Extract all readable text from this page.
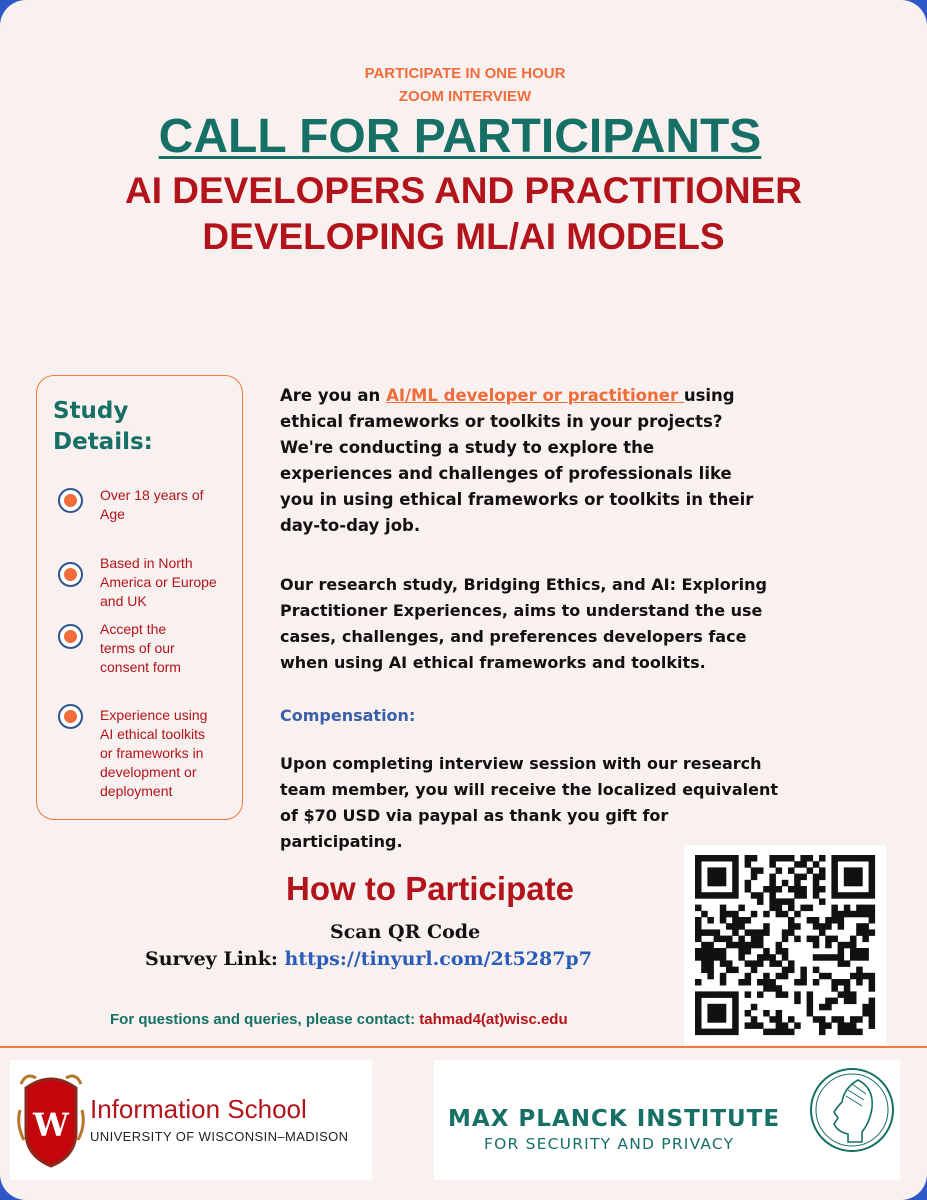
PARTICIPATE IN ONE HOUR
ZOOM INTERVIEW
CALL FOR PARTICIPANTS
AI DEVELOPERS AND PRACTITIONER
DEVELOPING ML/AI MODELS
Study
Details:
Over 18 years of
Age
Based in North
America or Europe
and UK
Accept the
terms of our
consent form
Experience using
AI ethical toolkits
or frameworks in
development or
deployment
Are you an AI/ML developer or practitioner using
ethical frameworks or toolkits in your projects?
We're conducting a study to explore the
experiences and challenges of professionals like
you in using ethical frameworks or toolkits in their
day-to-day job.
Our research study, Bridging Ethics, and AI: Exploring
Practitioner Experiences, aims to understand the use
cases, challenges, and preferences developers face
when using AI ethical frameworks and toolkits.
Compensation:
Upon completing interview session with our research
team member, you will receive the localized equivalent
of $70 USD via paypal as thank you gift for
participating.
How to Participate
Scan QR Code
Survey Link: https://tinyurl.com/2t5287p7
For questions and queries, please contact: tahmad4(at)wisc.edu
W Information School
UNIVERSITY OF WISCONSIN–MADISON
MAX PLANCK INSTITUTE
FOR SECURITY AND PRIVACY
